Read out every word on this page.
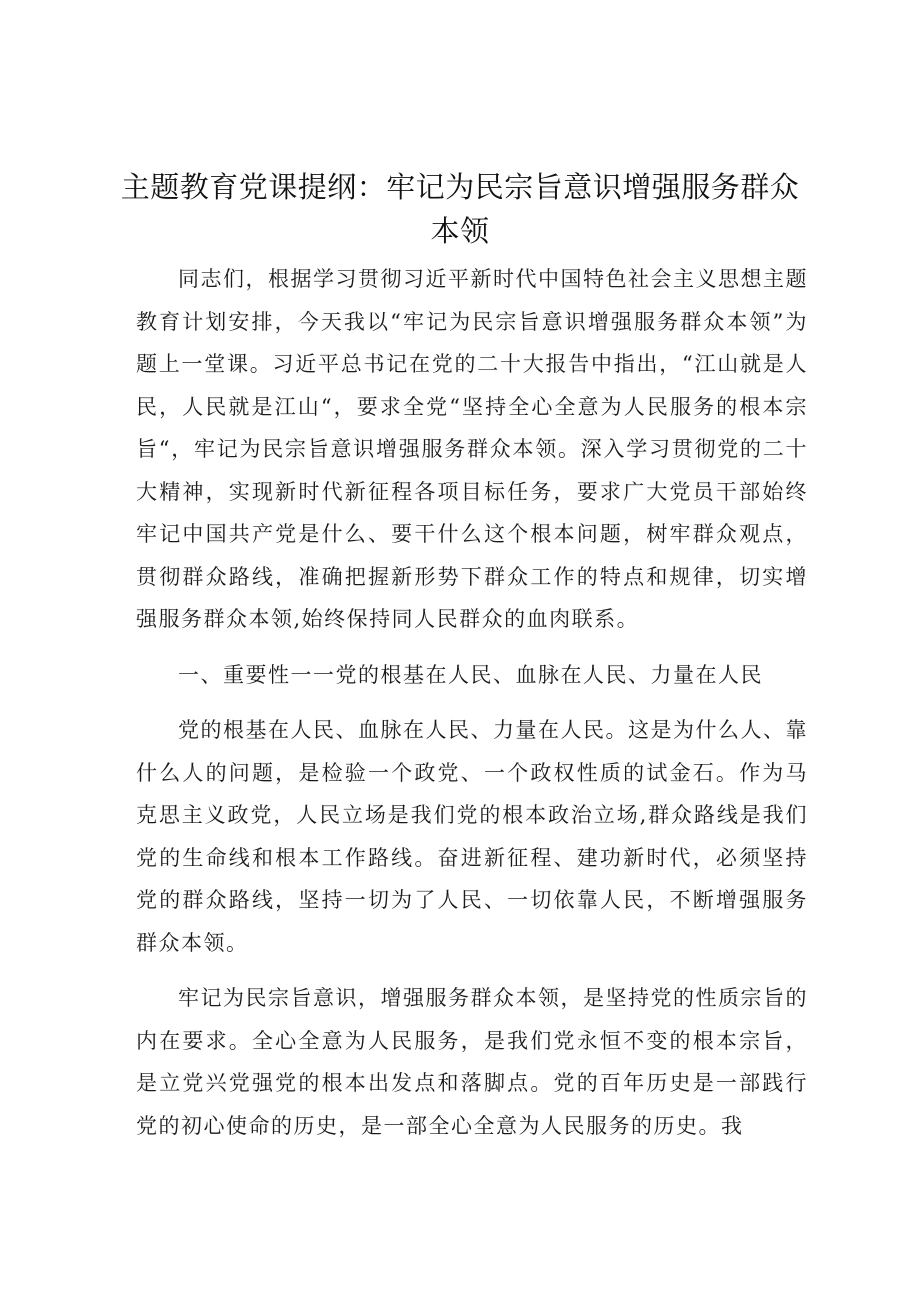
主题教育党课提纲：牢记为民宗旨意识增强服务群众本领

同志们，根据学习贯彻习近平新时代中国特色社会主义思想主题教育计划安排，今天我以“牢记为民宗旨意识增强服务群众本领”为题上一堂课。习近平总书记在党的二十大报告中指出，“江山就是人民，人民就是江山“，要求全党“坚持全心全意为人民服务的根本宗旨“，牢记为民宗旨意识增强服务群众本领。深入学习贯彻党的二十大精神，实现新时代新征程各项目标任务，要求广大党员干部始终牢记中国共产党是什么、要干什么这个根本问题，树牢群众观点，贯彻群众路线，准确把握新形势下群众工作的特点和规律，切实增强服务群众本领,始终保持同人民群众的血肉联系。

一、重要性一一党的根基在人民、血脉在人民、力量在人民

党的根基在人民、血脉在人民、力量在人民。这是为什么人、靠什么人的问题，是检验一个政党、一个政权性质的试金石。作为马克思主义政党，人民立场是我们党的根本政治立场,群众路线是我们党的生命线和根本工作路线。奋进新征程、建功新时代，必须坚持党的群众路线，坚持一切为了人民、一切依靠人民，不断增强服务群众本领。

牢记为民宗旨意识，增强服务群众本领，是坚持党的性质宗旨的内在要求。全心全意为人民服务，是我们党永恒不变的根本宗旨，是立党兴党强党的根本出发点和落脚点。党的百年历史是一部践行党的初心使命的历史，是一部全心全意为人民服务的历史。我
